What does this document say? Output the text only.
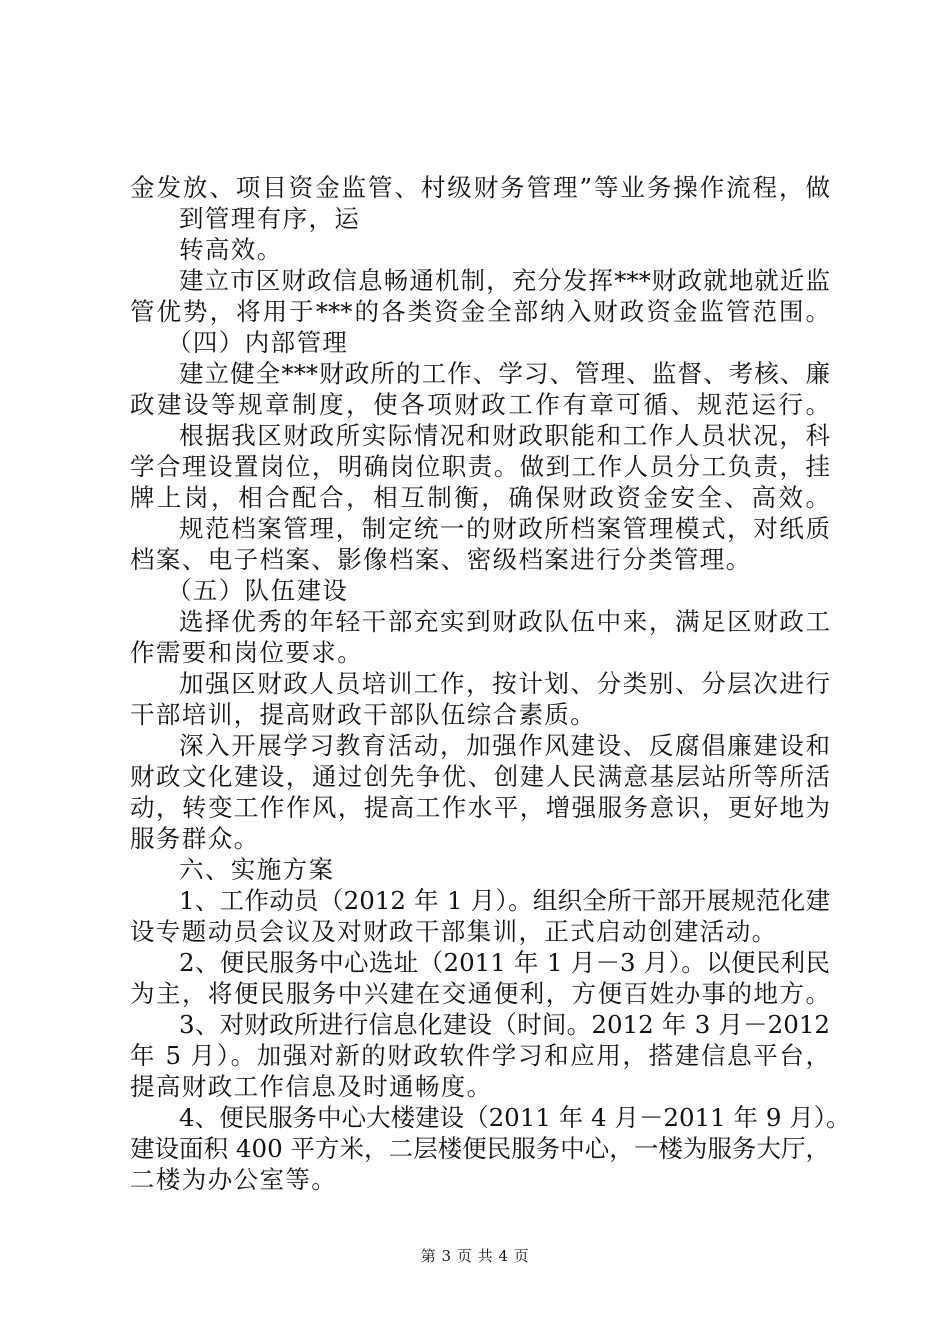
金发放、项目资金监管、村级财务管理”等业务操作流程，做
到管理有序，运
转高效。
建立市区财政信息畅通机制，充分发挥***财政就地就近监
管优势，将用于***的各类资金全部纳入财政资金监管范围。
（四）内部管理
建立健全***财政所的工作、学习、管理、监督、考核、廉
政建设等规章制度，使各项财政工作有章可循、规范运行。
根据我区财政所实际情况和财政职能和工作人员状况，科
学合理设置岗位，明确岗位职责。做到工作人员分工负责，挂
牌上岗，相合配合，相互制衡，确保财政资金安全、高效。
规范档案管理，制定统一的财政所档案管理模式，对纸质
档案、电子档案、影像档案、密级档案进行分类管理。
（五）队伍建设
选择优秀的年轻干部充实到财政队伍中来，满足区财政工
作需要和岗位要求。
加强区财政人员培训工作，按计划、分类别、分层次进行
干部培训，提高财政干部队伍综合素质。
深入开展学习教育活动，加强作风建设、反腐倡廉建设和
财政文化建设，通过创先争优、创建人民满意基层站所等所活
动，转变工作作风，提高工作水平，增强服务意识，更好地为
服务群众。
六、实施方案
1、工作动员（2012 年 1 月）。组织全所干部开展规范化建
设专题动员会议及对财政干部集训，正式启动创建活动。
2、便民服务中心选址（2011 年 1 月－3 月）。以便民利民
为主，将便民服务中兴建在交通便利，方便百姓办事的地方。
3、对财政所进行信息化建设（时间。2012 年 3 月－2012
年 5 月）。加强对新的财政软件学习和应用，搭建信息平台，
提高财政工作信息及时通畅度。
4、便民服务中心大楼建设（2011 年 4 月－2011 年 9 月）。
建设面积 400 平方米，二层楼便民服务中心，一楼为服务大厅，
二楼为办公室等。
第 3 页 共 4 页
